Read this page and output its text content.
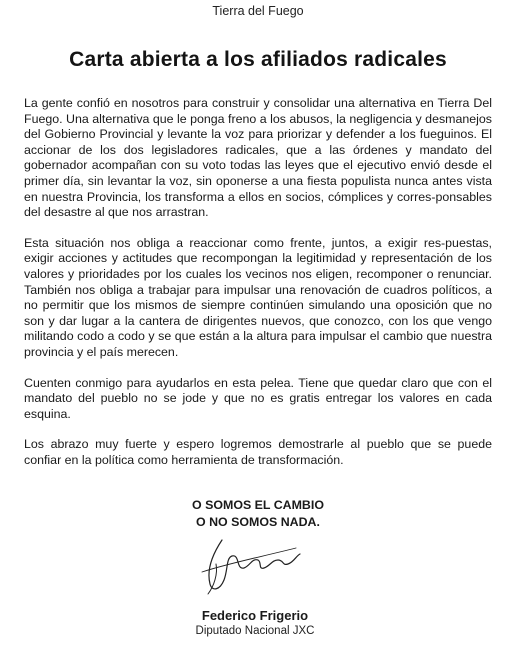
Tierra del Fuego
Carta abierta a los afiliados radicales

La gente confió en nosotros para construir y consolidar una alternativa en Tierra Del Fuego. Una alternativa que le ponga freno a los abusos, la negligencia y desmanejos del Gobierno Provincial y levante la voz para priorizar y defender a los fueguinos. El accionar de los dos legisladores radicales, que a las órdenes y mandato del gobernador acompañan con su voto todas las leyes que el ejecutivo envió desde el primer día, sin levantar la voz, sin oponerse a una fiesta populista nunca antes vista en nuestra Provincia, los transforma a ellos en socios, cómplices y corres-ponsables del desastre al que nos arrastran.

Esta situación nos obliga a reaccionar como frente, juntos, a exigir res-puestas, exigir acciones y actitudes que recompongan la legitimidad y representación de los valores y prioridades por los cuales los vecinos nos eligen, recomponer o renunciar. También nos obliga a trabajar para impulsar una renovación de cuadros políticos, a no permitir que los mismos de siempre continúen simulando una oposición que no son y dar lugar a la cantera de dirigentes nuevos, que conozco, con los que vengo militando codo a codo y se que están a la altura para impulsar el cambio que nuestra provincia y el país merecen.

Cuenten conmigo para ayudarlos en esta pelea. Tiene que quedar claro que con el mandato del pueblo no se jode y que no es gratis entregar los valores en cada esquina.

Los abrazo muy fuerte y espero logremos demostrarle al pueblo que se puede confiar en la política como herramienta de transformación.

O SOMOS EL CAMBIO
O NO SOMOS NADA.
Federico Frigerio
Diputado Nacional JXC
